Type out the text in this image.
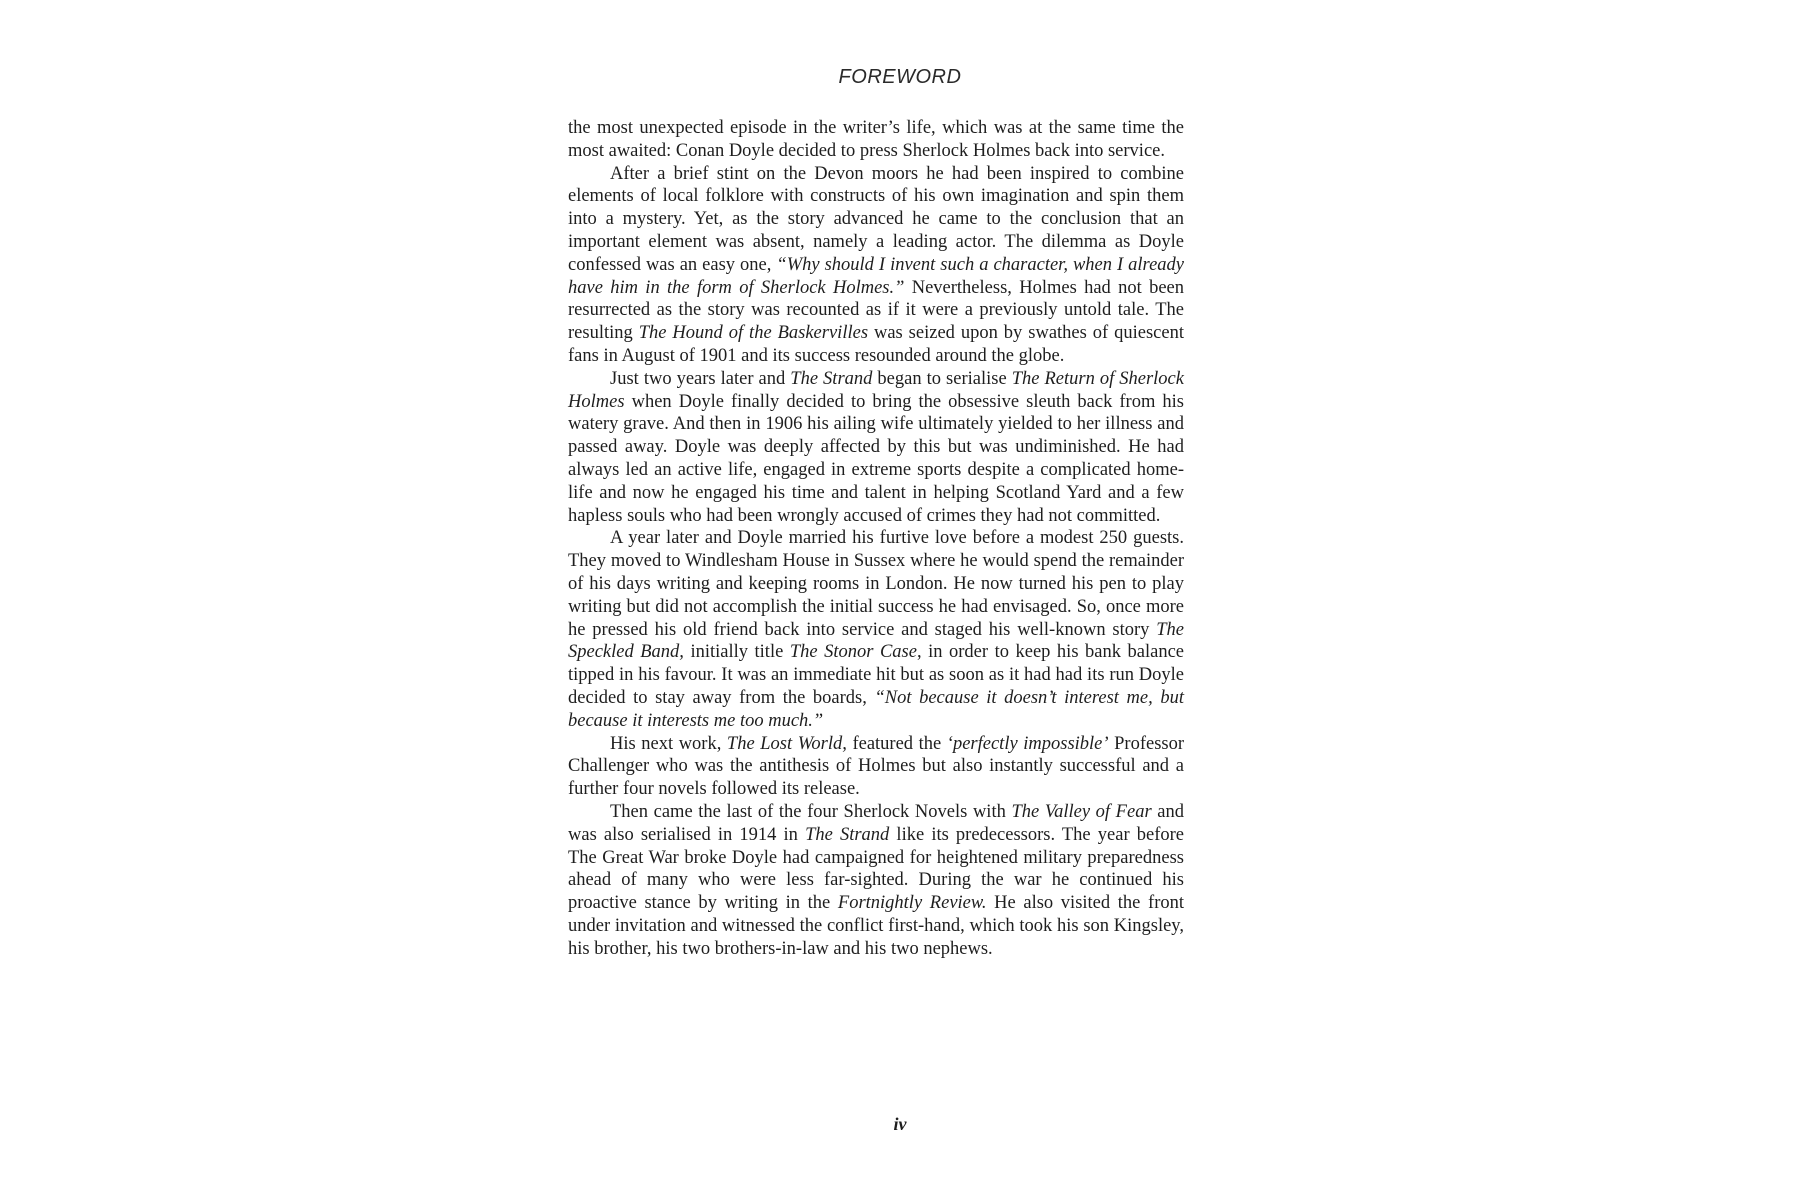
FOREWORD

the most unexpected episode in the writer’s life, which was at the same time the most awaited: Conan Doyle decided to press Sherlock Holmes back into service.

After a brief stint on the Devon moors he had been inspired to combine elements of local folklore with constructs of his own imagination and spin them into a mystery. Yet, as the story advanced he came to the conclusion that an important element was absent, namely a leading actor. The dilemma as Doyle confessed was an easy one, “Why should I invent such a character, when I already have him in the form of Sherlock Holmes.” Nevertheless, Holmes had not been resurrected as the story was recounted as if it were a previously untold tale. The resulting The Hound of the Baskervilles was seized upon by swathes of quiescent fans in August of 1901 and its success resounded around the globe.

Just two years later and The Strand began to serialise The Return of Sherlock Holmes when Doyle finally decided to bring the obsessive sleuth back from his watery grave. And then in 1906 his ailing wife ultimately yielded to her illness and passed away. Doyle was deeply affected by this but was undiminished. He had always led an active life, engaged in extreme sports despite a complicated home-life and now he engaged his time and talent in helping Scotland Yard and a few hapless souls who had been wrongly accused of crimes they had not committed.

A year later and Doyle married his furtive love before a modest 250 guests. They moved to Windlesham House in Sussex where he would spend the remainder of his days writing and keeping rooms in London. He now turned his pen to play writing but did not accomplish the initial success he had envisaged. So, once more he pressed his old friend back into service and staged his well-known story The Speckled Band, initially title The Stonor Case, in order to keep his bank balance tipped in his favour. It was an immediate hit but as soon as it had had its run Doyle decided to stay away from the boards, “Not because it doesn’t interest me, but because it interests me too much.”

His next work, The Lost World, featured the ‘perfectly impossible’ Professor Challenger who was the antithesis of Holmes but also instantly successful and a further four novels followed its release.

Then came the last of the four Sherlock Novels with The Valley of Fear and was also serialised in 1914 in The Strand like its predecessors. The year before The Great War broke Doyle had campaigned for heightened military preparedness ahead of many who were less far-sighted. During the war he continued his proactive stance by writing in the Fortnightly Review. He also visited the front under invitation and witnessed the conflict first-hand, which took his son Kingsley, his brother, his two brothers-in-law and his two nephews.

iv
